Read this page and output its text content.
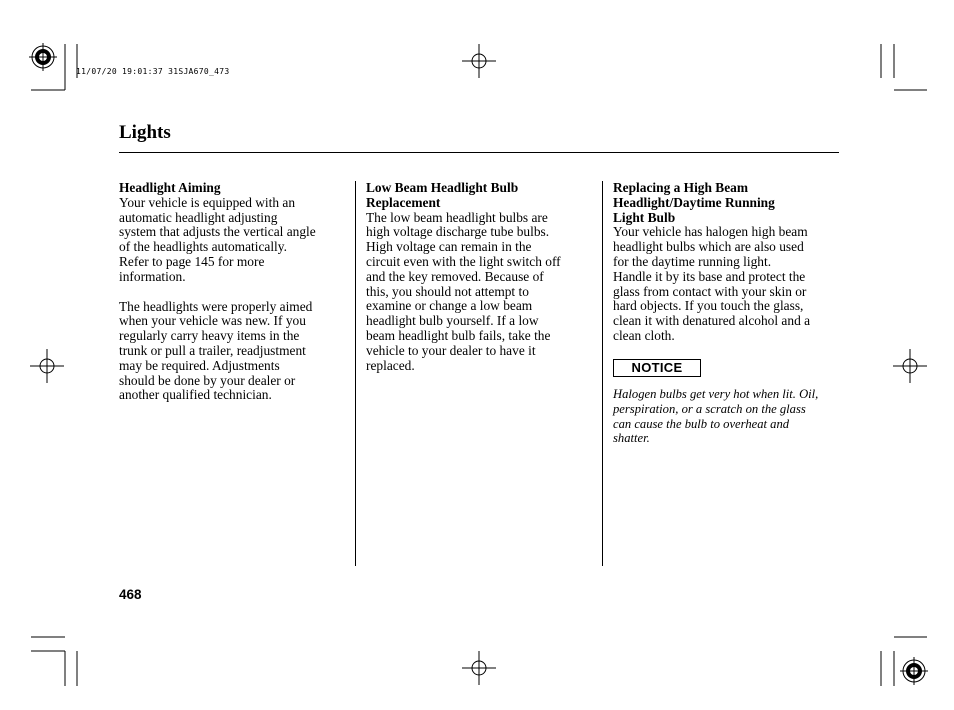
11/07/20 19:01:37 31SJA670_473
Lights

Headlight Aiming

Your vehicle is equipped with an

automatic headlight adjusting

system that adjusts the vertical angle

of the headlights automatically.

Refer to page 145 for more

information.

The headlights were properly aimed

when your vehicle was new. If you

regularly carry heavy items in the

trunk or pull a trailer, readjustment

may be required. Adjustments

should be done by your dealer or

another qualified technician.

Low Beam Headlight Bulb

Replacement

The low beam headlight bulbs are

high voltage discharge tube bulbs.

High voltage can remain in the

circuit even with the light switch off

and the key removed. Because of

this, you should not attempt to

examine or change a low beam

headlight bulb yourself. If a low

beam headlight bulb fails, take the

vehicle to your dealer to have it

replaced.

Replacing a High Beam

Headlight/Daytime Running

Light Bulb

Your vehicle has halogen high beam

headlight bulbs which are also used

for the daytime running light.

Handle it by its base and protect the

glass from contact with your skin or

hard objects. If you touch the glass,

clean it with denatured alcohol and a

clean cloth.

NOTICE

Halogen bulbs get very hot when lit. Oil,

perspiration, or a scratch on the glass

can cause the bulb to overheat and

shatter.

468
